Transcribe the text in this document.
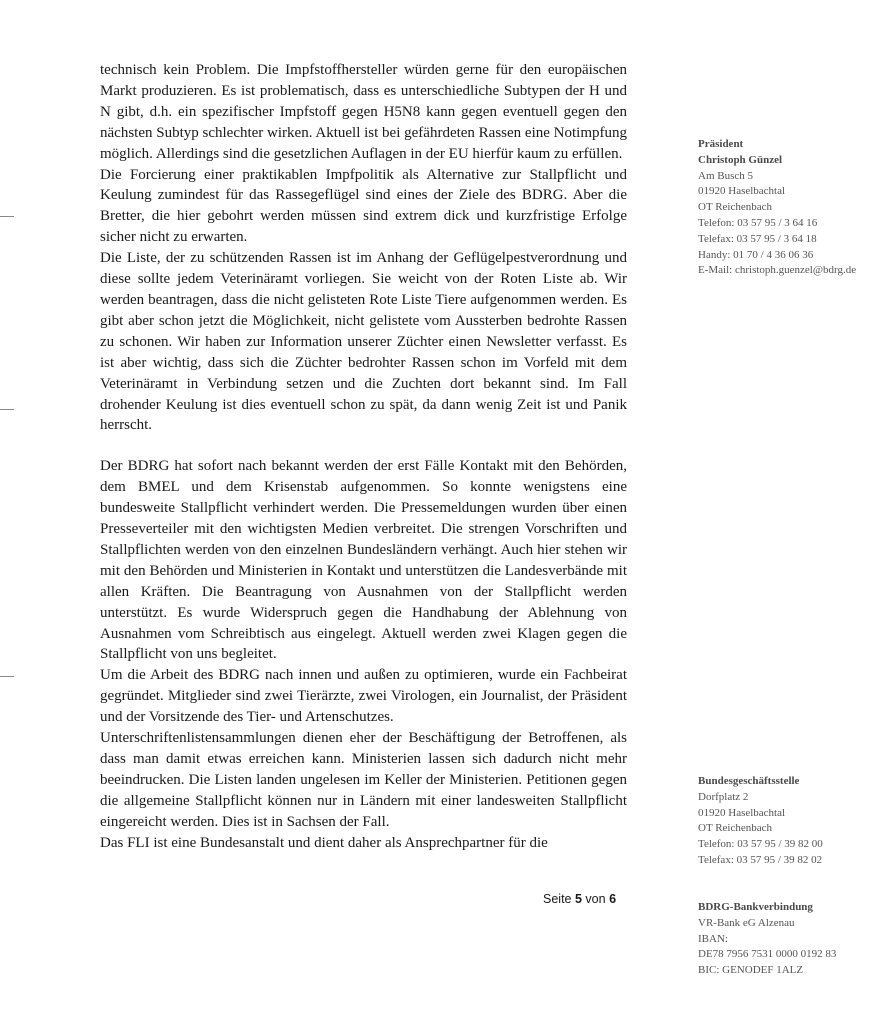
technisch kein Problem. Die Impfstoffhersteller würden gerne für den europäischen Markt produzieren. Es ist problematisch, dass es unterschiedliche Subtypen der H und N gibt, d.h. ein spezifischer Impfstoff gegen H5N8 kann gegen eventuell gegen den nächsten Subtyp schlechter wirken. Aktuell ist bei gefährdeten Rassen eine Notimpfung möglich. Allerdings sind die gesetzlichen Auflagen in der EU hierfür kaum zu erfüllen.

Die Forcierung einer praktikablen Impfpolitik als Alternative zur Stallpflicht und Keulung zumindest für das Rassegeflügel sind eines der Ziele des BDRG. Aber die Bretter, die hier gebohrt werden müssen sind extrem dick und kurzfristige Erfolge sicher nicht zu erwarten.

Die Liste, der zu schützenden Rassen ist im Anhang der Geflügelpestverordnung und diese sollte jedem Veterinäramt vorliegen. Sie weicht von der Roten Liste ab. Wir werden beantragen, dass die nicht gelisteten Rote Liste Tiere aufgenommen werden. Es gibt aber schon jetzt die Möglichkeit, nicht gelistete vom Aussterben bedrohte Rassen zu schonen. Wir haben zur Information unserer Züchter einen Newsletter verfasst. Es ist aber wichtig, dass sich die Züchter bedrohter Rassen schon im Vorfeld mit dem Veterinäramt in Verbindung setzen und die Zuchten dort bekannt sind. Im Fall drohender Keulung ist dies eventuell schon zu spät, da dann wenig Zeit ist und Panik herrscht.

Der BDRG hat sofort nach bekannt werden der erst Fälle Kontakt mit den Behörden, dem BMEL und dem Krisenstab aufgenommen. So konnte wenigstens eine bundesweite Stallpflicht verhindert werden. Die Pressemeldungen wurden über einen Presseverteiler mit den wichtigsten Medien verbreitet. Die strengen Vorschriften und Stallpflichten werden von den einzelnen Bundesländern verhängt. Auch hier stehen wir mit den Behörden und Ministerien in Kontakt und unterstützen die Landesverbände mit allen Kräften. Die Beantragung von Ausnahmen von der Stallpflicht werden unterstützt. Es wurde Widerspruch gegen die Handhabung der Ablehnung von Ausnahmen vom Schreibtisch aus eingelegt. Aktuell werden zwei Klagen gegen die Stallpflicht von uns begleitet.

Um die Arbeit des BDRG nach innen und außen zu optimieren, wurde ein Fachbeirat gegründet. Mitglieder sind zwei Tierärzte, zwei Virologen, ein Journalist, der Präsident und der Vorsitzende des Tier- und Artenschutzes.

Unterschriftenlistensammlungen dienen eher der Beschäftigung der Betroffenen, als dass man damit etwas erreichen kann. Ministerien lassen sich dadurch nicht mehr beeindrucken. Die Listen landen ungelesen im Keller der Ministerien. Petitionen gegen die allgemeine Stallpflicht können nur in Ländern mit einer landesweiten Stallpflicht eingereicht werden. Dies ist in Sachsen der Fall.

Das FLI ist eine Bundesanstalt und dient daher als Ansprechpartner für die

Seite 5 von 6
Präsident
Christoph Günzel
Am Busch 5
01920 Haselbachtal
OT Reichenbach
Telefon: 03 57 95 / 3 64 16
Telefax: 03 57 95 / 3 64 18
Handy: 01 70 / 4 36 06 36
E-Mail: christoph.guenzel@bdrg.de
Bundesgeschäftsstelle
Dorfplatz 2
01920 Haselbachtal
OT Reichenbach
Telefon: 03 57 95 / 39 82 00
Telefax: 03 57 95 / 39 82 02
BDRG-Bankverbindung
VR-Bank eG Alzenau
IBAN:
DE78 7956 7531 0000 0192 83
BIC: GENODEF 1ALZ
